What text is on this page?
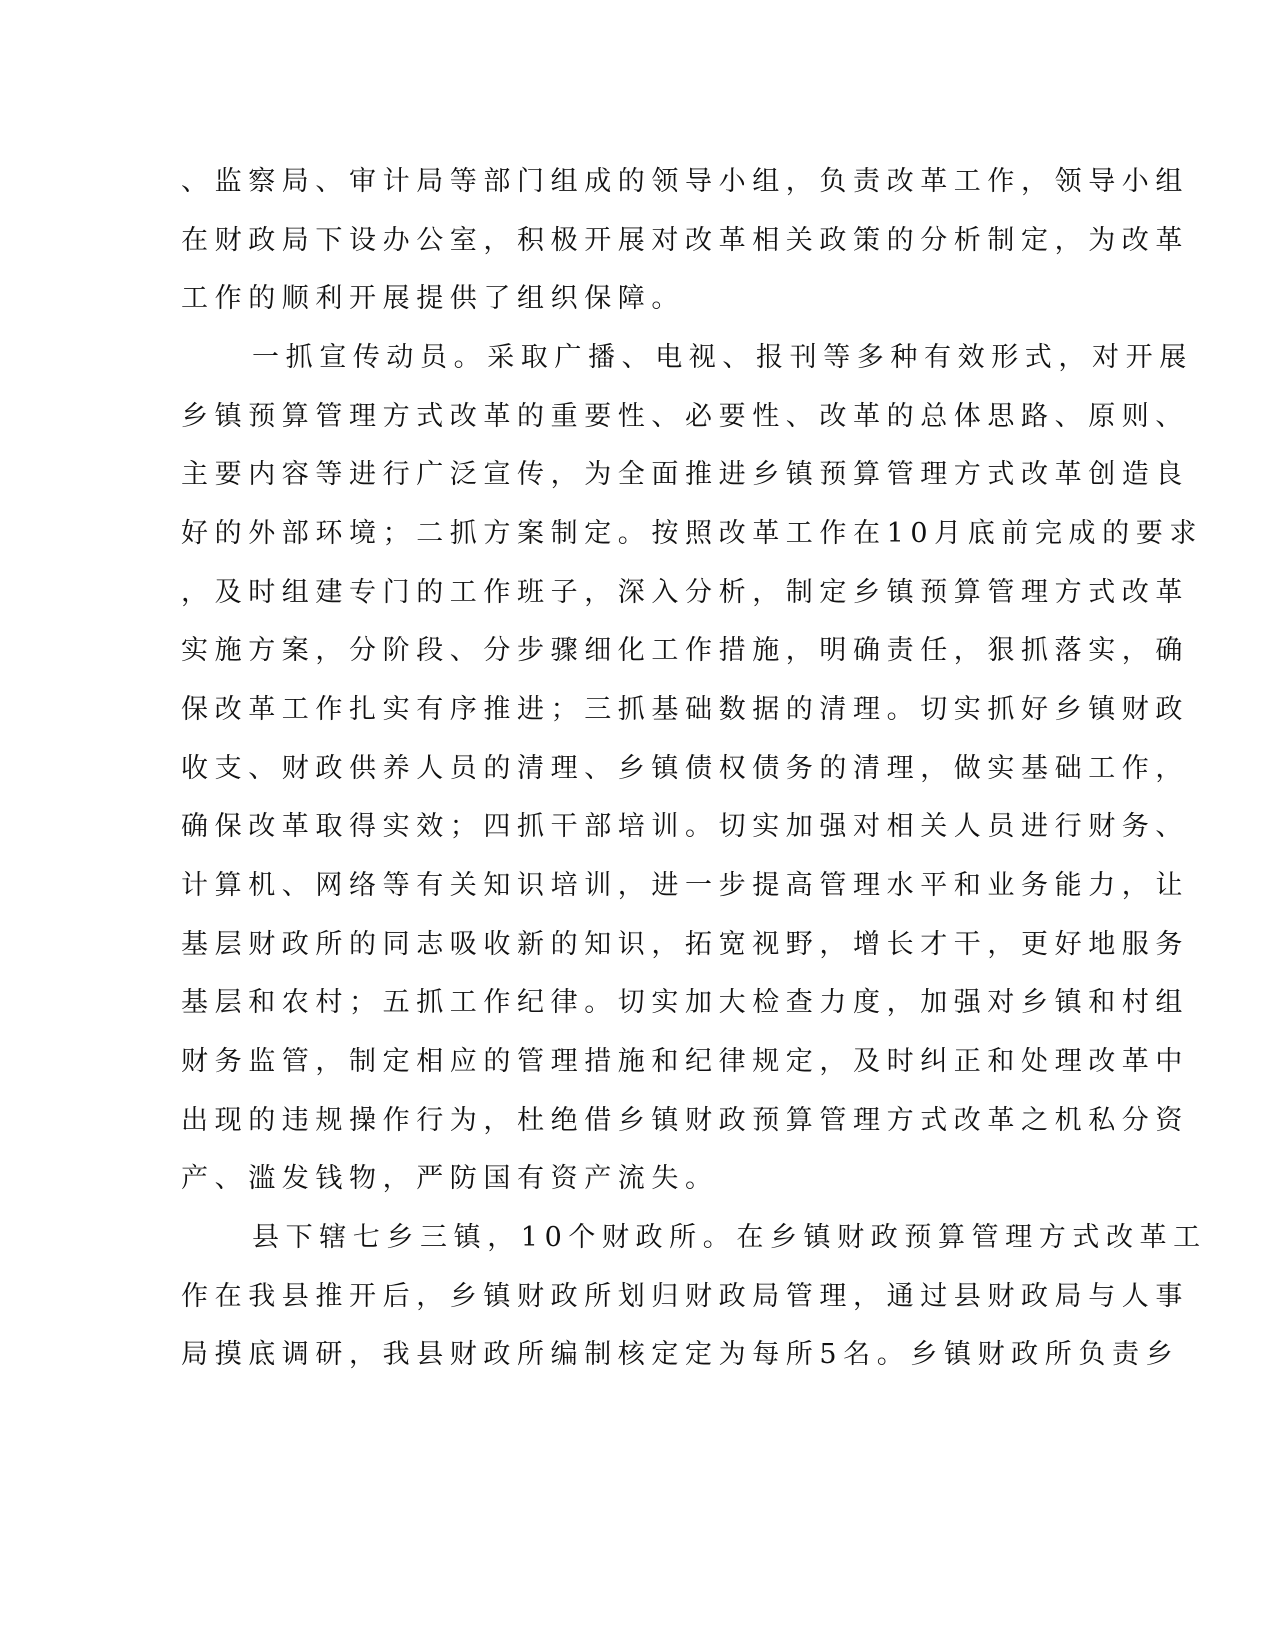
、监察局、审计局等部门组成的领导小组，负责改革工作，领导小组
在财政局下设办公室，积极开展对改革相关政策的分析制定，为改革
工作的顺利开展提供了组织保障。
一抓宣传动员。采取广播、电视、报刊等多种有效形式，对开展
乡镇预算管理方式改革的重要性、必要性、改革的总体思路、原则、
主要内容等进行广泛宣传，为全面推进乡镇预算管理方式改革创造良
好的外部环境；二抓方案制定。按照改革工作在10月底前完成的要求
，及时组建专门的工作班子，深入分析，制定乡镇预算管理方式改革
实施方案，分阶段、分步骤细化工作措施，明确责任，狠抓落实，确
保改革工作扎实有序推进；三抓基础数据的清理。切实抓好乡镇财政
收支、财政供养人员的清理、乡镇债权债务的清理，做实基础工作，
确保改革取得实效；四抓干部培训。切实加强对相关人员进行财务、
计算机、网络等有关知识培训，进一步提高管理水平和业务能力，让
基层财政所的同志吸收新的知识，拓宽视野，增长才干，更好地服务
基层和农村；五抓工作纪律。切实加大检查力度，加强对乡镇和村组
财务监管，制定相应的管理措施和纪律规定，及时纠正和处理改革中
出现的违规操作行为，杜绝借乡镇财政预算管理方式改革之机私分资
产、滥发钱物，严防国有资产流失。
县下辖七乡三镇，10个财政所。在乡镇财政预算管理方式改革工
作在我县推开后，乡镇财政所划归财政局管理，通过县财政局与人事
局摸底调研，我县财政所编制核定定为每所5名。乡镇财政所负责乡
